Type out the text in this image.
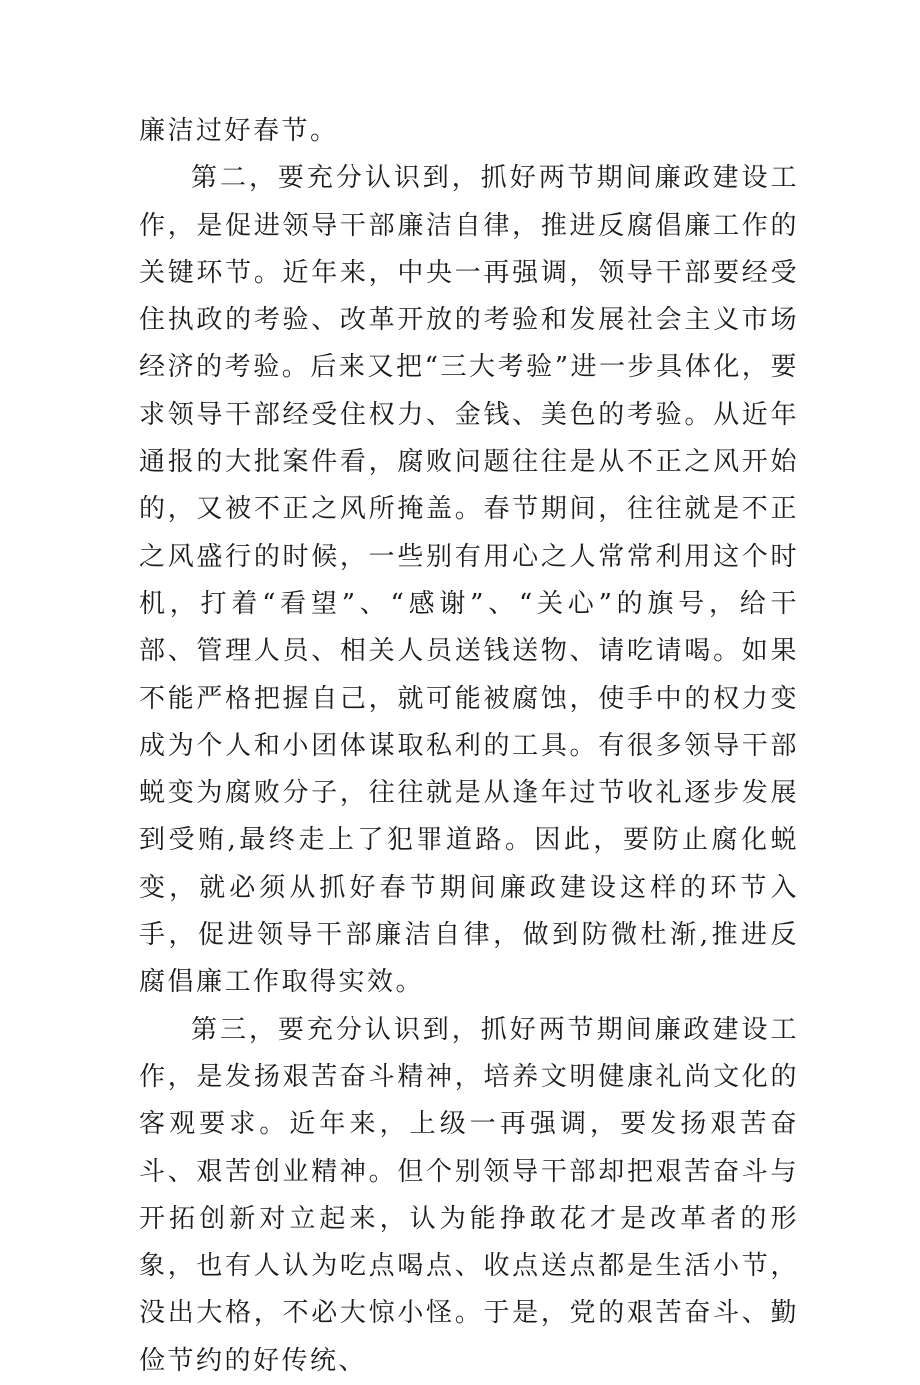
廉洁过好春节。

第二，要充分认识到，抓好两节期间廉政建设工作，是促进领导干部廉洁自律，推进反腐倡廉工作的关键环节。近年来，中央一再强调，领导干部要经受住执政的考验、改革开放的考验和发展社会主义市场经济的考验。后来又把“三大考验”进一步具体化，要求领导干部经受住权力、金钱、美色的考验。从近年通报的大批案件看，腐败问题往往是从不正之风开始的，又被不正之风所掩盖。春节期间，往往就是不正之风盛行的时候，一些别有用心之人常常利用这个时机，打着“看望”、“感谢”、“关心”的旗号，给干部、管理人员、相关人员送钱送物、请吃请喝。如果不能严格把握自己，就可能被腐蚀，使手中的权力变成为个人和小团体谋取私利的工具。有很多领导干部蜕变为腐败分子，往往就是从逢年过节收礼逐步发展到受贿,最终走上了犯罪道路。因此，要防止腐化蜕变，就必须从抓好春节期间廉政建设这样的环节入手，促进领导干部廉洁自律，做到防微杜渐,推进反腐倡廉工作取得实效。

第三，要充分认识到，抓好两节期间廉政建设工作，是发扬艰苦奋斗精神，培养文明健康礼尚文化的客观要求。近年来，上级一再强调，要发扬艰苦奋斗、艰苦创业精神。但个别领导干部却把艰苦奋斗与开拓创新对立起来，认为能挣敢花才是改革者的形象，也有人认为吃点喝点、收点送点都是生活小节，没出大格，不必大惊小怪。于是，党的艰苦奋斗、勤俭节约的好传统、
